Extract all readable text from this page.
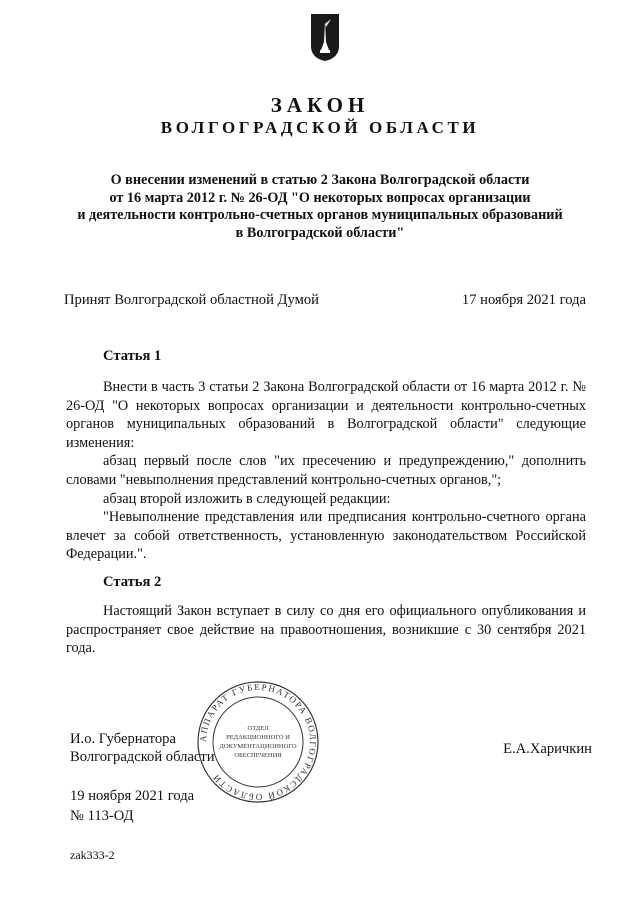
ЗАКОН
ВОЛГОГРАДСКОЙ ОБЛАСТИ
О внесении изменений в статью 2 Закона Волгоградской области
от 16 марта 2012 г. № 26-ОД "О некоторых вопросах организации
и деятельности контрольно-счетных органов муниципальных образований
в Волгоградской области"
Принят Волгоградской областной Думой	17 ноября 2021 года
Статья 1

Внести в часть 3 статьи 2 Закона Волгоградской области от 16 марта 2012 г. № 26-ОД "О некоторых вопросах организации и деятельности контрольно-счетных органов муниципальных образований в Волгоградской области" следующие изменения:

абзац первый после слов "их пресечению и предупреждению," дополнить словами "невыполнения представлений контрольно-счетных органов,";

абзац второй изложить в следующей редакции:

"Невыполнение представления или предписания контрольно-счетного органа влечет за собой ответственность, установленную законодательством Российской Федерации.".

Статья 2

Настоящий Закон вступает в силу со дня его официального опубликования и распространяет свое действие на правоотношения, возникшие с 30 сентября 2021 года.

АППАРАТ ГУБЕРНАТОРА ВОЛГОГРАДСКОЙ ОБЛАСТИ
ОТДЕЛ
РЕДАКЦИОННОГО И
ДОКУМЕНТАЦИОННОГО
ОБЕСПЕЧЕНИЯ
И.о. Губернатора
Волгоградской области	Е.А.Харичкин
19 ноября 2021 года
№ 113-ОД
zak333-2
